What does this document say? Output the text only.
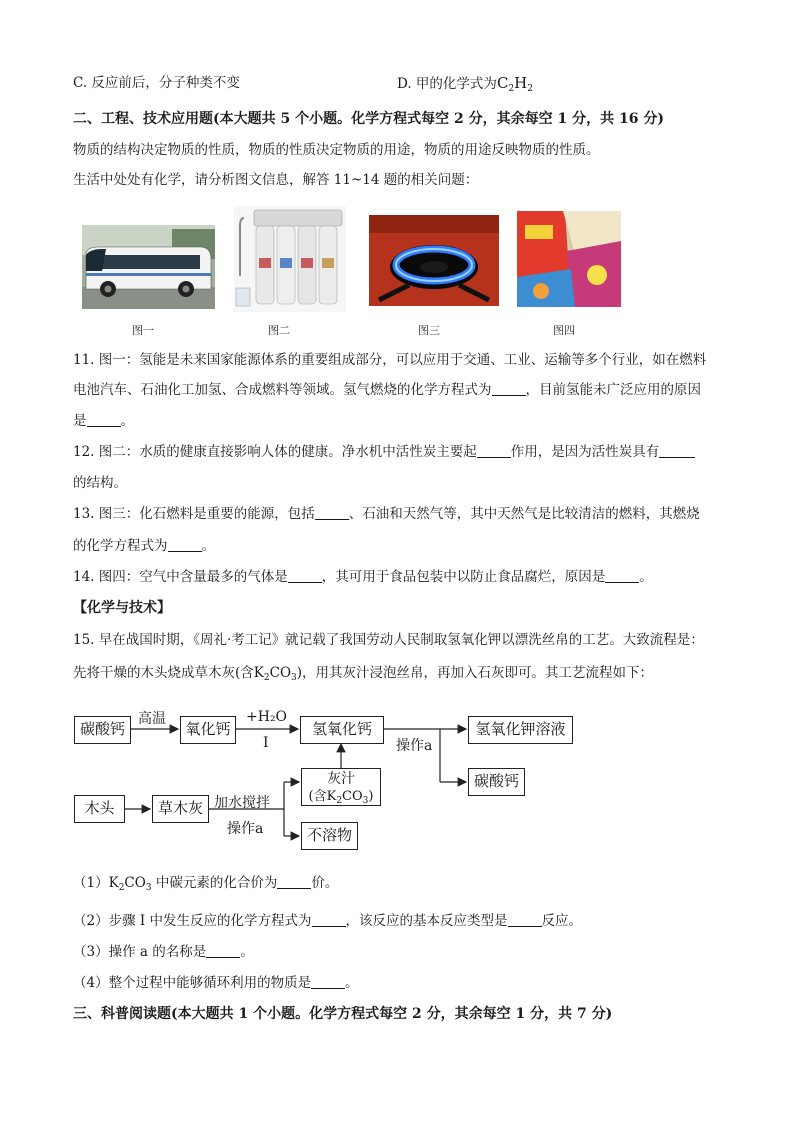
C. 反应前后，分子种类不变	D. 甲的化学式为$C_2H_2$
二、工程、技术应用题(本大题共 5 个小题。化学方程式每空 2 分，其余每空 1 分，共 16 分)
物质的结构决定物质的性质，物质的性质决定物质的用途，物质的用途反映物质的性质。
生活中处处有化学，请分析图文信息，解答 11~14 题的相关问题：
图一	图二	图三	图四
11. 图一：氢能是未来国家能源体系的重要组成部分，可以应用于交通、工业、运输等多个行业，如在燃料
电池汽车、石油化工加氢、合成燃料等领域。氢气燃烧的化学方程式为	，目前氢能未广泛应用的原因
是	。
12. 图二：水质的健康直接影响人体的健康。净水机中活性炭主要起	作用，是因为活性炭具有
的结构。
13. 图三：化石燃料是重要的能源，包括	、石油和天然气等，其中天然气是比较清洁的燃料，其燃烧
的化学方程式为	。
14. 图四：空气中含量最多的气体是	，其可用于食品包装中以防止食品腐烂，原因是	。
【化学与技术】
15. 早在战国时期，《周礼·考工记》就记载了我国劳动人民制取氢氧化钾以漂洗丝帛的工艺。大致流程是：
先将干燥的木头烧成草木灰(含$K_2CO_3$)，用其灰汁浸泡丝帛，再加入石灰即可。其工艺流程如下：
碳酸钙
高温
氧化钙
+H₂O
I
氢氧化钙
操作a
氢氧化钾溶液
碳酸钙
木头	草木灰 加水搅拌
操作a
灰汁
(含$K_2CO_3$)
不溶物
$(1)K_2CO_3$ 中碳元素的化合价为	价。
（2）步骤 I 中发生反应的化学方程式为	，该反应的基本反应类型是	反应。
（3）操作 a 的名称是	。
（4）整个过程中能够循环利用的物质是	。
三、科普阅读题(本大题共 1 个小题。化学方程式每空 2 分，其余每空 1 分，共 7 分)
